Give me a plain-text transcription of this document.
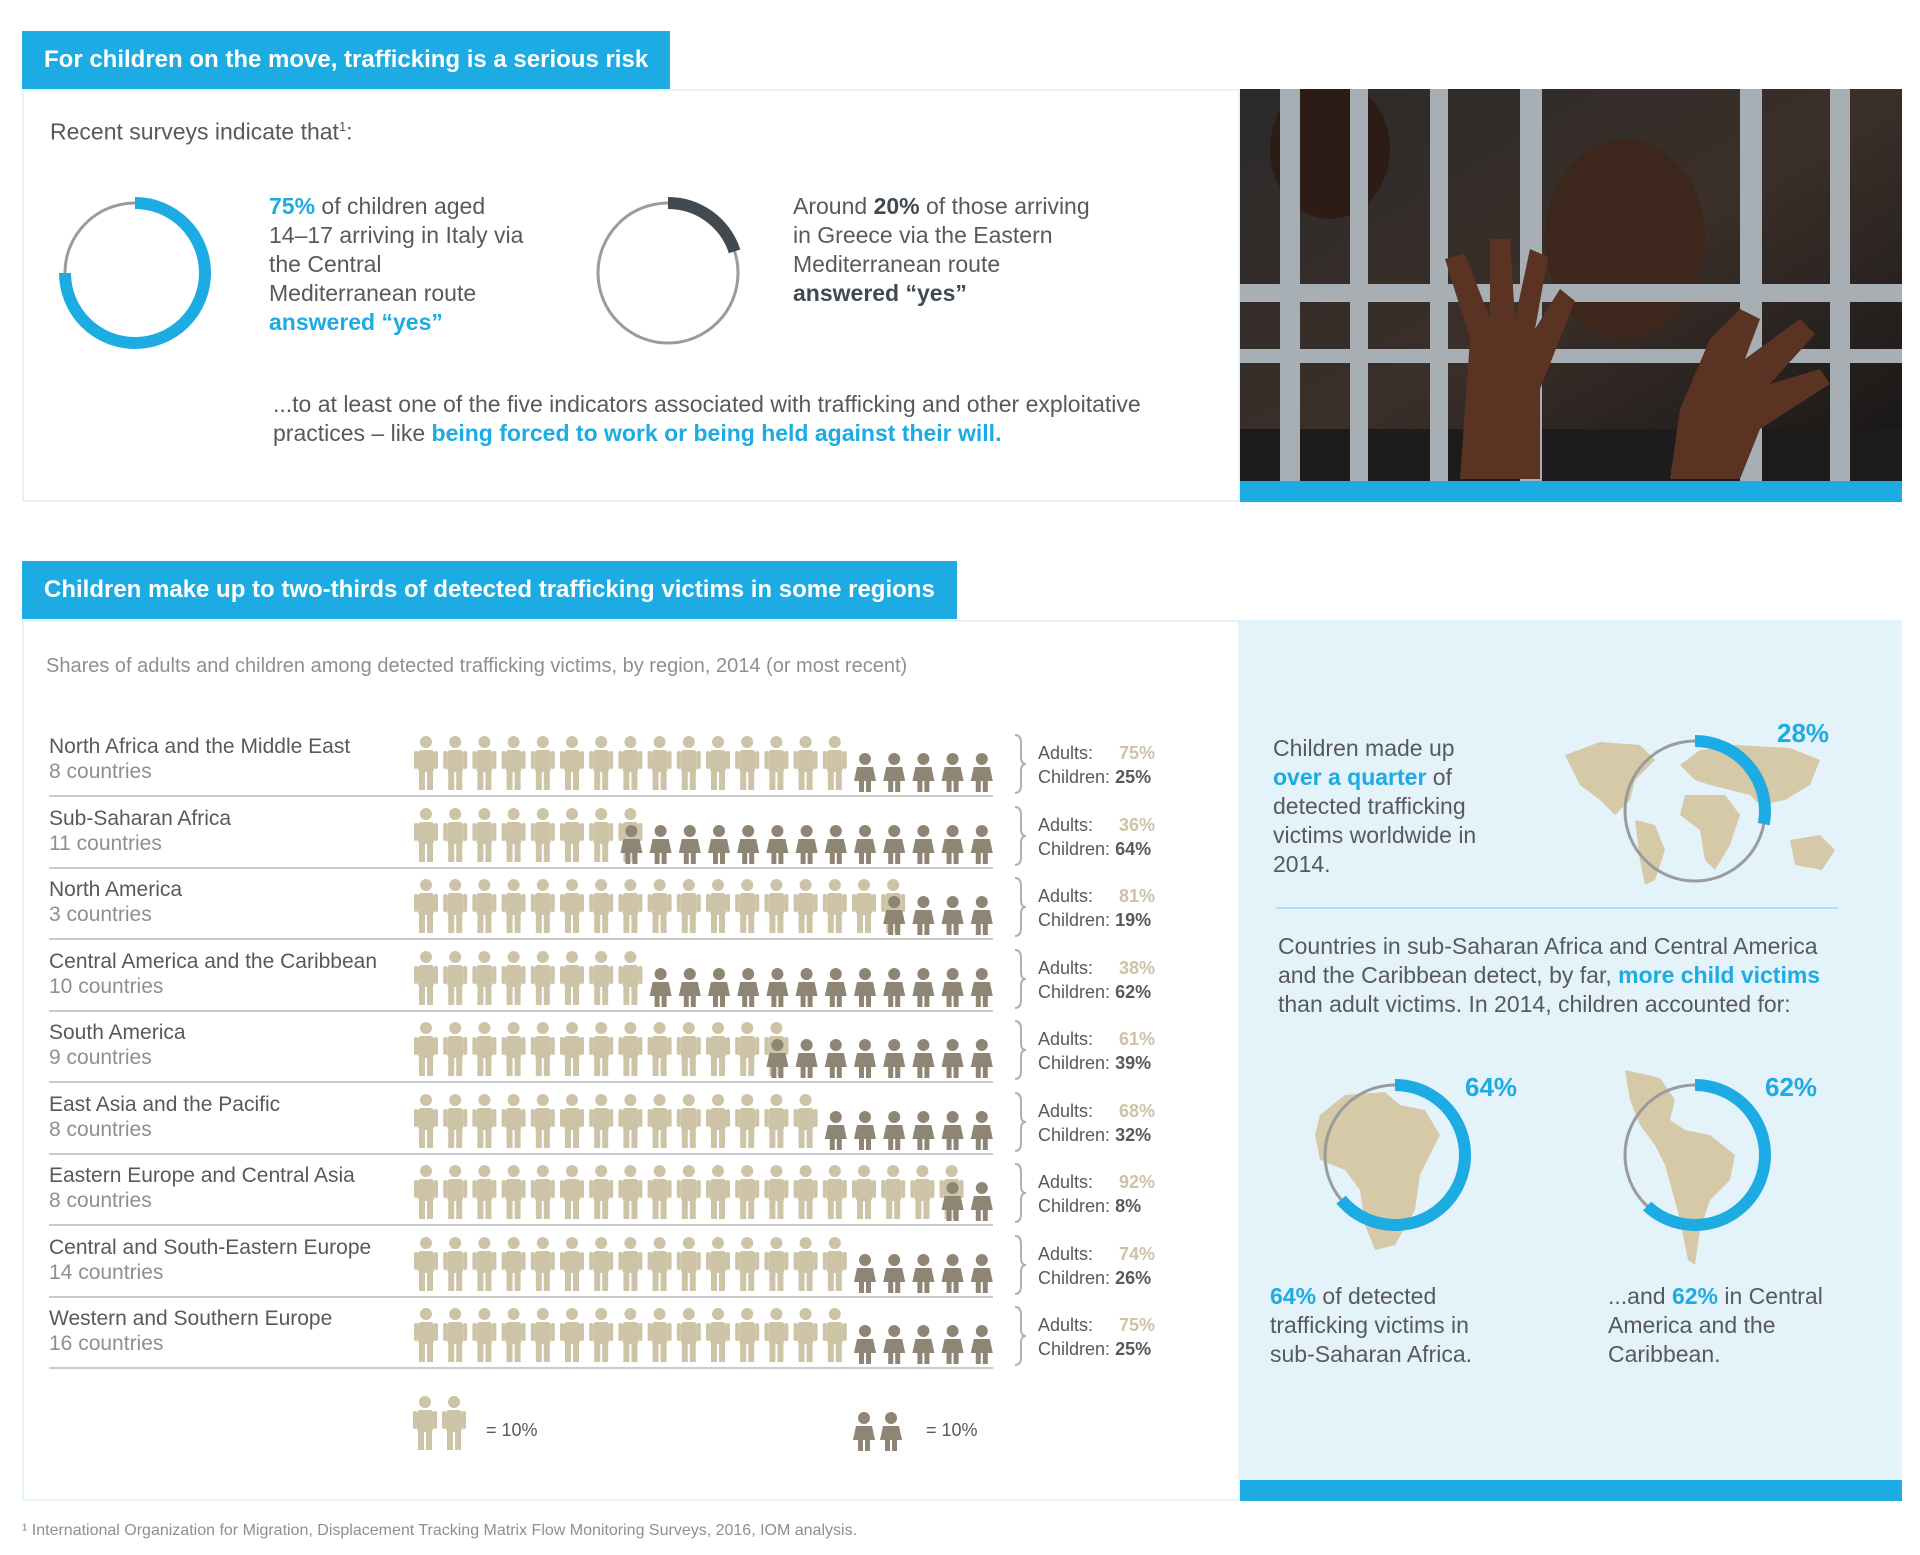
For children on the move, trafficking is a serious risk
Recent surveys indicate that$^1$:
75% of children aged 14–17 arriving in Italy via the Central Mediterranean route answered “yes”
Around 20% of those arriving in Greece via the Eastern Mediterranean route answered “yes”
...to at least one of the five indicators associated with trafficking and other exploitative practices – like being forced to work or being held against their will.
Children make up to two-thirds of detected trafficking victims in some regions
Shares of adults and children among detected trafficking victims, by region, 2014 (or most recent)
North Africa and the Middle East
8 countries
Adults: 75%
Children: 25%
Sub-Saharan Africa
11 countries
Adults: 36%
Children: 64%
North America
3 countries
Adults: 81%
Children: 19%
Central America and the Caribbean
10 countries
Adults: 38%
Children: 62%
South America
9 countries
Adults: 61%
Children: 39%
East Asia and the Pacific
8 countries
Adults: 68%
Children: 32%
Eastern Europe and Central Asia
8 countries
Adults: 92%
Children: 8%
Central and South-Eastern Europe
14 countries
Adults: 74%
Children: 26%
Western and Southern Europe
16 countries
Adults: 75%
Children: 25%
= 10%	= 10%
Children made up over a quarter of detected trafficking victims worldwide in 2014.
28%
Countries in sub-Saharan Africa and Central America and the Caribbean detect, by far, more child victims than adult victims. In 2014, children accounted for:
64%	62%
64% of detected trafficking victims in sub-Saharan Africa.
...and 62% in Central America and the Caribbean.
¹ International Organization for Migration, Displacement Tracking Matrix Flow Monitoring Surveys, 2016, IOM analysis.
